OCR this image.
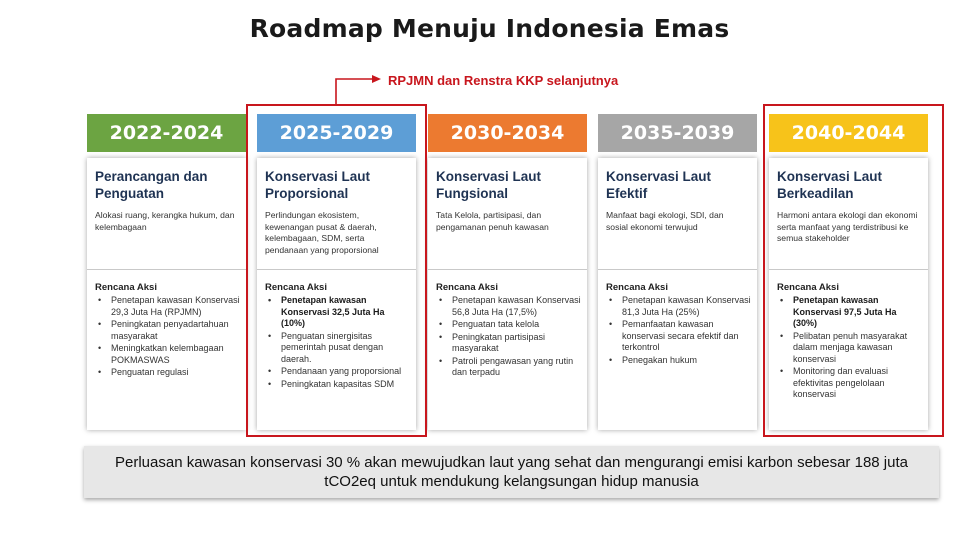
Roadmap Menuju Indonesia Emas
RPJMN dan Renstra KKP selanjutnya
2022-2024
Perancangan dan Penguatan
Alokasi ruang, kerangka hukum, dan kelembagaan
Rencana Aksi
• Penetapan kawasan Konservasi 29,3 Juta Ha (RPJMN)
• Peningkatan penyadartahuan masyarakat
• Meningkatkan kelembagaan POKMASWAS
• Penguatan regulasi
2025-2029
Konservasi Laut Proporsional
Perlindungan ekosistem, kewenangan pusat & daerah, kelembagaan, SDM, serta pendanaan yang proporsional
Rencana Aksi
• Penetapan kawasan Konservasi 32,5 Juta Ha (10%)
• Penguatan sinergisitas pemerintah pusat dengan daerah.
• Pendanaan yang proporsional
• Peningkatan kapasitas SDM
2030-2034
Konservasi Laut Fungsional
Tata Kelola, partisipasi, dan pengamanan penuh kawasan
Rencana Aksi
• Penetapan kawasan Konservasi 56,8 Juta Ha (17,5%)
• Penguatan tata kelola
• Peningkatan partisipasi masyarakat
• Patroli pengawasan yang rutin dan terpadu
2035-2039
Konservasi Laut Efektif
Manfaat bagi ekologi, SDI, dan sosial ekonomi terwujud
Rencana Aksi
• Penetapan kawasan Konservasi 81,3 Juta Ha (25%)
• Pemanfaatan kawasan konservasi secara efektif dan terkontrol
• Penegakan hukum
2040-2044
Konservasi Laut Berkeadilan
Harmoni antara ekologi dan ekonomi serta manfaat yang terdistribusi ke semua stakeholder
Rencana Aksi
• Penetapan kawasan Konservasi 97,5 Juta Ha (30%)
• Pelibatan penuh masyarakat dalam menjaga kawasan konservasi
• Monitoring dan evaluasi efektivitas pengelolaan konservasi
Perluasan kawasan konservasi 30 % akan mewujudkan laut yang sehat dan mengurangi emisi karbon sebesar 188 juta tCO2eq untuk mendukung kelangsungan hidup manusia
